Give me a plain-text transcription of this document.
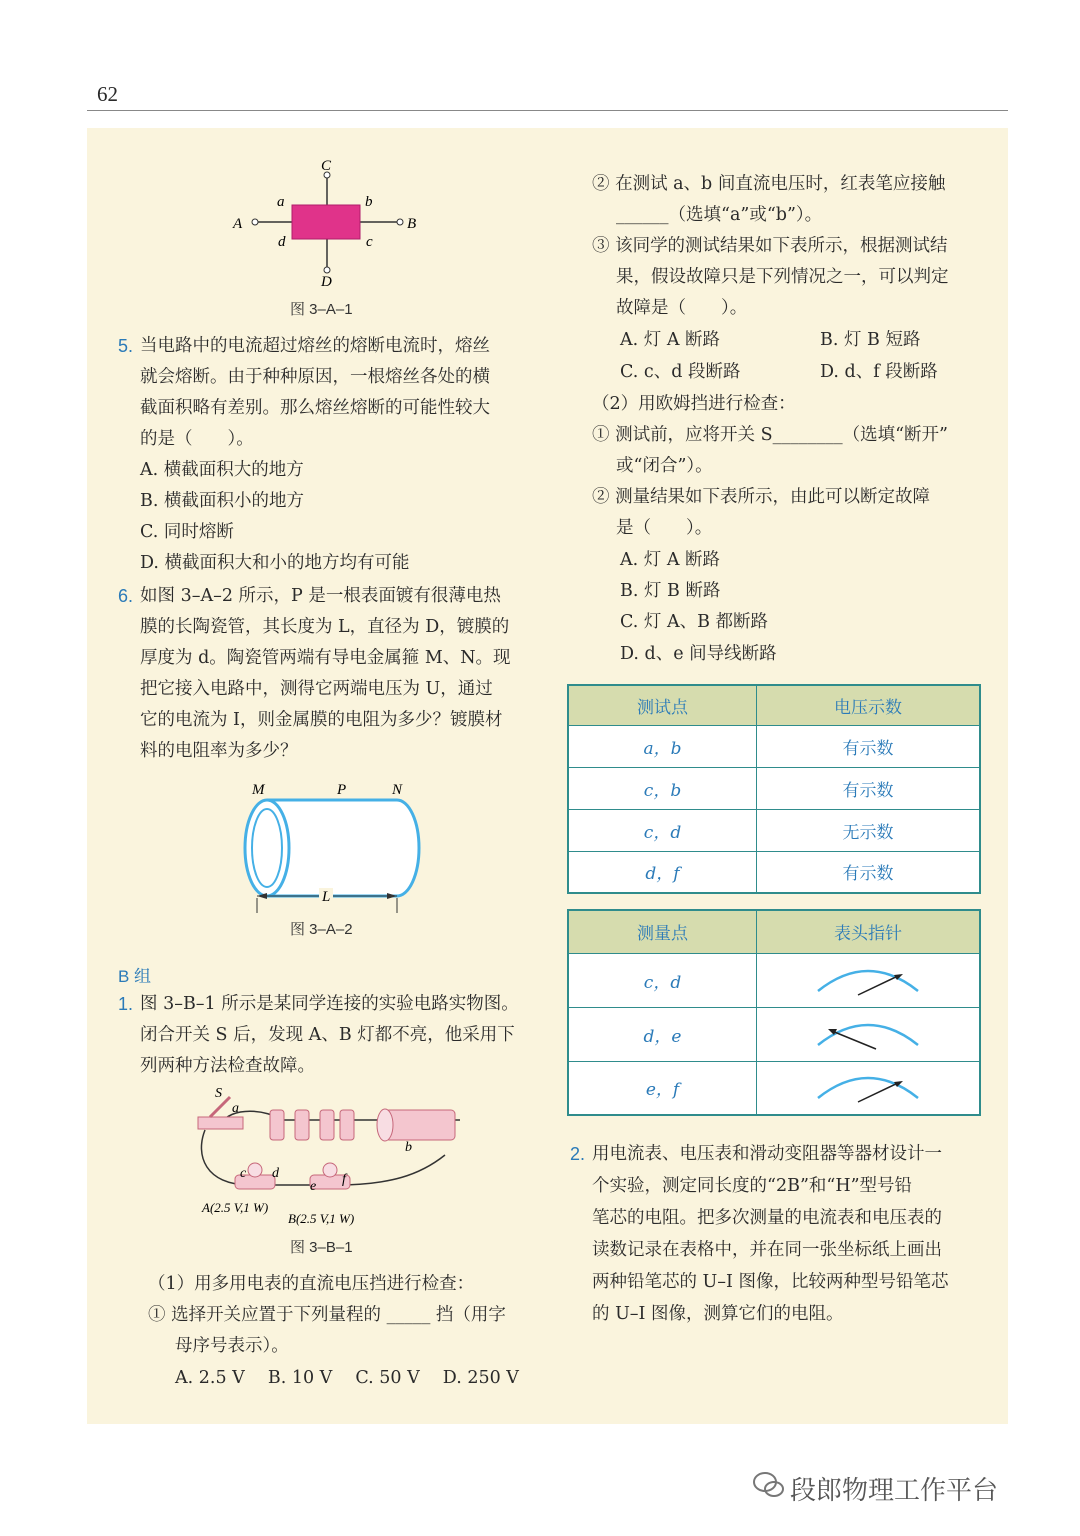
62
A	B
C
D
a	b
c
d
图 3–A–1
5. 当电路中的电流超过熔丝的熔断电流时，熔丝
就会熔断。由于种种原因，一根熔丝各处的横
截面积略有差别。那么熔丝熔断的可能性较大
的是（　　）。
A. 横截面积大的地方
B. 横截面积小的地方
C. 同时熔断
D. 横截面积大和小的地方均有可能
6. 如图 3–A–2 所示，P 是一根表面镀有很薄电热
膜的长陶瓷管，其长度为 L，直径为 D，镀膜的
厚度为 d。陶瓷管两端有导电金属箍 M、N。现
把它接入电路中，测得它两端电压为 U，通过
它的电流为 I，则金属膜的电阻为多少？镀膜材
料的电阻率为多少？
M	P	N
L
图 3–A–2
B 组
1. 图 3–B–1 所示是某同学连接的实验电路实物图。
闭合开关 S 后，发现 A、B 灯都不亮，他采用下
列两种方法检查故障。
S
a
b
c d
e f
A(2.5 V,1 W)
B(2.5 V,1 W)
图 3–B–1
（1）用多用电表的直流电压挡进行检查：
① 选择开关应置于下列量程的 _____ 挡（用字
母序号表示）。
A. 2.5 V　 B. 10 V　 C. 50 V　 D. 250 V
② 在测试 a、b 间直流电压时，红表笔应接触
______（选填“a”或“b”）。
③ 该同学的测试结果如下表所示，根据测试结
果，假设故障只是下列情况之一，可以判定
故障是（　　）。
A. 灯 A 断路	B. 灯 B 短路
C. c、d 段断路	D. d、f 段断路
（2）用欧姆挡进行检查：
① 测试前，应将开关 S________（选填“断开”
或“闭合”）。
② 测量结果如下表所示，由此可以断定故障
是（　　）。
A. 灯 A 断路
B. 灯 B 断路
C. 灯 A、B 都断路
D. d、e 间导线断路
测试点	电压示数
a，b	有示数
c，b	有示数
c，d	无示数
d，f	有示数
测量点	表头指针
c，d	
d，e	
e，f	
2. 用电流表、电压表和滑动变阻器等器材设计一
个实验，测定同长度的“2B”和“H”型号铅
笔芯的电阻。把多次测量的电流表和电压表的
读数记录在表格中，并在同一张坐标纸上画出
两种铅笔芯的 U–I 图像，比较两种型号铅笔芯
的 U–I 图像，测算它们的电阻。
段郎物理工作平台
